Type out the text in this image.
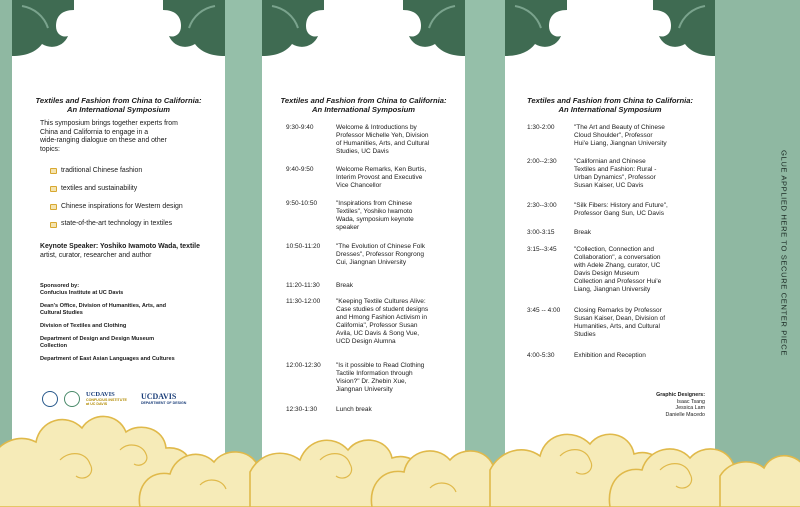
Textiles and Fashion from China to California:
An International Symposium
This symposium brings together experts from
China and California to engage in a
wide-ranging dialogue on these and other
topics:
traditional Chinese fashion
textiles and sustainability
Chinese inspirations for Western design
state-of-the-art technology in textiles
Keynote Speaker: Yoshiko Iwamoto Wada, textile
artist, curator, researcher and author

Sponsored by:
Confucius Institute at UC Davis

Dean's Office, Division of Humanities, Arts, and
Cultural Studies

Division of Textiles and Clothing

Department of Design and Design Museum
Collection

Department of East Asian Languages and Cultures

UCDAVIS
CONFUCIUS INSTITUTE
at UC DAVIS
UCDAVIS
DEPARTMENT OF DESIGN
Textiles and Fashion from China to California:
An International Symposium
9:30-9:40	Welcome & Introductions by
Professor Michelle Yeh, Division
of Humanities, Arts, and Cultural
Studies, UC Davis
9:40-9:50	Welcome Remarks, Ken Burtis,
Interim Provost and Executive
Vice Chancellor
9:50-10:50	"Inspirations from Chinese
Textiles", Yoshiko Iwamoto
Wada, symposium keynote
speaker
10:50-11:20 "The Evolution of Chinese Folk
Dresses", Professor Rongrong
Cui, Jiangnan University
11:20-11:30	Break
11:30-12:00 "Keeping Textile Cultures Alive:
Case studies of student designs
and Hmong Fashion Activism in
California", Professor Susan
Avila, UC Davis & Song Vue,
UCD Design Alumna
12:00-12:30 "Is it possible to Read Clothing
Tactile Information through
Vision?" Dr. Zhebin Xue,
Jiangnan University
12:30-1:30	Lunch break
Textiles and Fashion from China to California:
An International Symposium
1:30-2:00	"The Art and Beauty of Chinese
Cloud Shoulder", Professor
Hui'e Liang, Jiangnan University
2:00--2:30	"Californian and Chinese
Textiles and Fashion: Rural -
Urban Dynamics", Professor
Susan Kaiser, UC Davis
2:30--3:00	"Silk Fibers: History and Future",
Professor Gang Sun, UC Davis
3:00-3:15	Break
3:15--3:45	"Collection, Connection and
Collaboration", a conversation
with Adele Zhang, curator, UC
Davis Design Museum
Collection and Professor Hui'e
Liang, Jiangnan University
3:45 -- 4:00 Closing Remarks by Professor
Susan Kaiser, Dean, Division of
Humanities, Arts, and Cultural
Studies
4:00-5:30	Exhibition and Reception
Graphic Designers:
Isaac Tsang
Jessica Lam
Danielle Macedo
GLUE APPLIED HERE TO SECURE CENTER PIECE
